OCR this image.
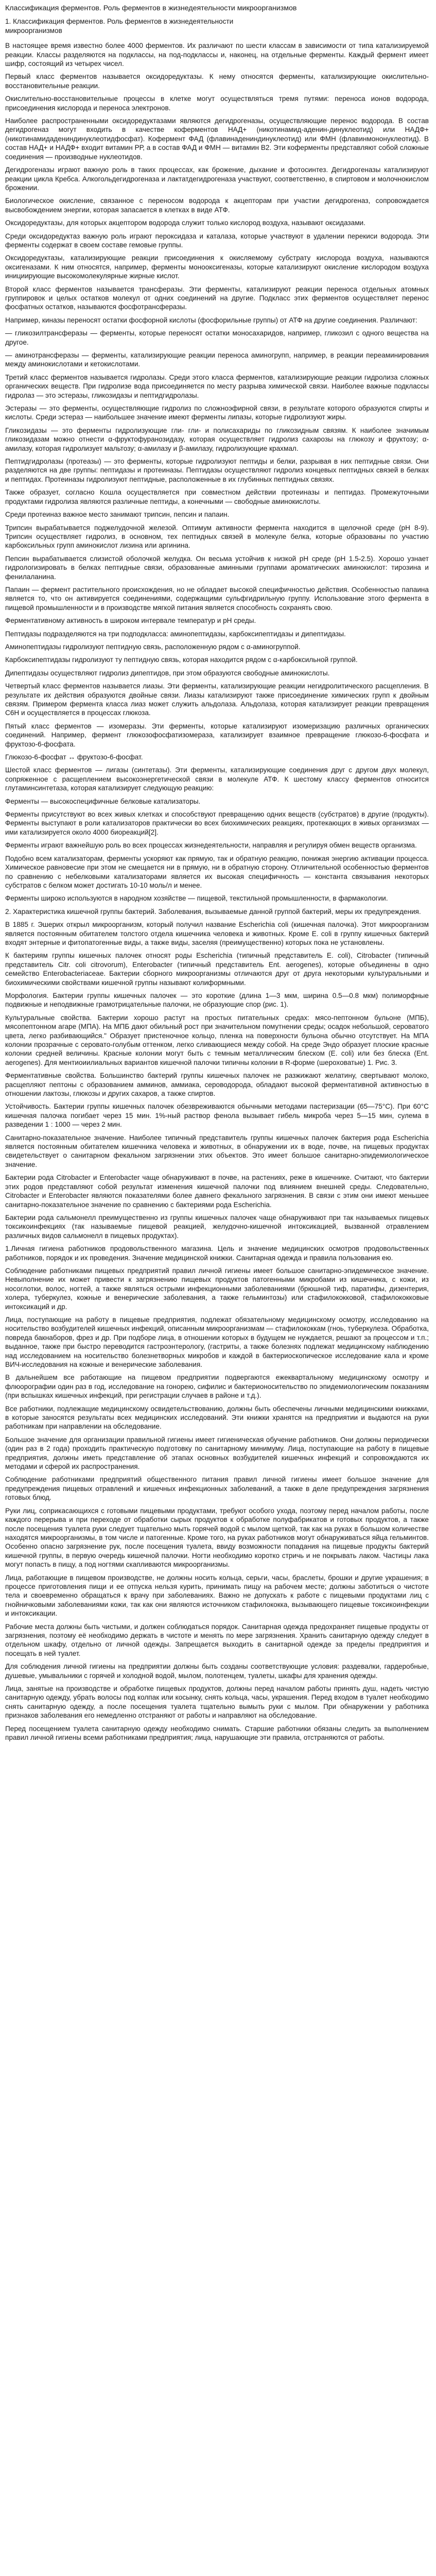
Классификация ферментов. Роль ферментов в жизнедеятельности микроорганизмов

1. Классификация ферментов. Роль ферментов в жизнедеятельности
микроорганизмов

В настоящее время известно более 4000 ферментов. Их различают по шести классам в зависимости от типа катализируемой реакции. Классы разделяются на подклассы, на под-подклассы и, наконец, на отдельные ферменты. Каждый фермент имеет шифр, состоящий из четырех чисел.

Первый класс ферментов называется оксидоредуктазы. К нему относятся ферменты, катализирующие окислительно-восстановительные реакции.

Окислительно-восстановительные процессы в клетке могут осуществляться тремя путями: переноса ионов водорода, присоединения кислорода и переноса электронов.

Наиболее распространенными оксидоредуктазами являются дегидрогеназы, осуществляющие перенос водорода. В состав дегидрогеназ могут входить в качестве коферментов НАД+ (никотинамид-аденин-динуклеотид) или НАДФ+ (никотинамидадениндинуклеотидфосфат). Кофермент ФАД (флавинадениндинуклеотид) или ФМН (флавинмононуклеотид). В состав НАД+ и НАДФ+ входит витамин РР, а в состав ФАД и ФМН — витамин В2. Эти коферменты представляют собой сложные соединения — производные нуклеотидов.

Дегидрогеназы играют важную роль в таких процессах, как брожение, дыхание и фотосинтез. Дегидрогеназы катализируют реакции цикла Кребса. Алкогольдегидрогеназа и лактатдегидрогеназа участвуют, соответственно, в спиртовом и молочнокислом брожении.

Биологическое окисление, связанное с переносом водорода к акцепторам при участии дегидрогеназ, сопровождается высвобождением энергии, которая запасается в клетках в виде АТФ.

Оксидоредуктазы, для которых акцептором водорода служит только кислород воздуха, называют оксидазами.

Среди оксидоредуктаз важную роль играют пероксидаза и каталаза, которые участвуют в удалении перекиси водорода. Эти ферменты содержат в своем составе гемовые группы.

Оксидоредуктазы, катализирующие реакции присоединения к окисляемому субстрату кислорода воздуха, называются оксигеназами. К ним относятся, например, ферменты монооксигеназы, которые катализируют окисление кислородом воздуха инициирующие высокомолекулярные жирные кислот.

Второй класс ферментов называется трансферазы. Эти ферменты, катализируют реакции переноса отдельных атомных группировок и целых остатков молекул от одних соединений на другие. Подкласс этих ферментов осуществляет перенос фосфатных остатков, называются фосфотрансферазы.

Например, киназы переносят остатки фосфорной кислоты (фосфорильные группы) от АТФ на другие соединения. Различают:

— гликозилтрансферазы — ферменты, которые переносят остатки моносахаридов, например, гликозил с одного вещества на другое.

— аминотрансферазы — ферменты, катализирующие реакции переноса аминогрупп, например, в реакции переаминирования между аминокислотами и кетокислотами.

Третий класс ферментов называется гидролазы. Среди этого класса ферментов, катализирующие реакции гидролиза сложных органических веществ. При гидролизе вода присоединяется по месту разрыва химической связи. Наиболее важные подклассы гидролаз — это эстеразы, гликозидазы и пептидгидролазы.

Эстеразы — это ферменты, осуществляющие гидролиз по сложноэфирной связи, в результате которого образуются спирты и кислоты. Среди эстераз — наибольшее значение имеют ферменты липазы, которые гидролизуют жиры.

Гликозидазы — это ферменты гидролизующие гли- гли- и полисахариды по гликозидным связям. К наиболее значимым гликозидазам можно отнести α-фруктофуранозидазу, которая осуществляет гидролиз сахарозы на глюкозу и фруктозу; α-амилазу, которая гидролизует мальтозу; α-амилазу и β-амилазу, гидролизующие крахмал.

Пептидгидролазы (протеазы) — это ферменты, которые гидролизуют пептиды и белки, разрывая в них пептидные связи. Они разделяются на две группы: пептидазы и протеиназы. Пептидазы осуществляют гидролиз концевых пептидных связей в белках и пептидах. Протеиназы гидролизуют пептидные, расположенные в их глубинных пептидных связях.

Также образует, согласно Кошла осуществляется при совместном действии протеиназы и пептидаз. Промежуточными продуктами гидролиза являются различные пептиды, а конечными — свободные аминокислоты.

Среди протеиназ важное место занимают трипсин, пепсин и папаин.

Трипсин вырабатывается поджелудочной железой. Оптимум активности фермента находится в щелочной среде (pH 8-9). Трипсин осуществляет гидролиз, в основном, тех пептидных связей в молекуле белка, которые образованы по участию карбоксильных групп аминокислот лизина или аргинина.

Пепсин вырабатывается слизистой оболочкой желудка. Он весьма устойчив к низкой рН среде (рН 1.5-2.5). Хорошо узнает гидрологизировать в белках пептидные связи, образованные аминными группами ароматических аминокислот: тирозина и фенилаланина.

Папаин — фермент растительного происхождения, но не обладает высокой специфичностью действия. Особенностью папаина является то, что он активируется соединениями, содержащими сульфгидрильную группу. Использование этого фермента в пищевой промышленности и в производстве мягкой питания является способность сохранять свою.

Ферментативному активность в широком интервале температур и рН среды.

Пептидазы подразделяются на три подподкласса: аминопептидазы, карбоксипептидазы и дипептидазы.

Аминопептидазы гидролизуют пептидную связь, расположенную рядом с α-аминогруппой.

Карбоксипептидазы гидролизуют ту пептидную связь, которая находится рядом с α-карбоксильной группой.

Дипептидазы осуществляют гидролиз дипептидов, при этом образуются свободные аминокислоты.

Четвертый класс ферментов называется лиазы. Эти ферменты, катализирующие реакции негидролитического расщепления. В результате их действия образуются двойные связи. Лиазы катализируют также присоединение химических групп к двойным связям. Примером фермента класса лиаз может служить альдолаза. Альдолаза, которая катализирует реакции превращения С6Н и осуществляется в процессах глюкоза.

Пятый класс ферментов — изомеразы. Эти ферменты, которые катализируют изомеризацию различных органических соединений. Например, фермент глюкозофосфатизомераза, катализирует взаимное превращение глюкозо-6-фосфата и фруктозо-6-фосфата.

Глюкозо-6-фосфат ↔ фруктозо-6-фосфат.

Шестой класс ферментов — лигазы (синтетазы). Эти ферменты, катализирующие соединения друг с другом двух молекул, сопряженное с расщеплением высокоэнергетической связи в молекуле АТФ. К шестому классу ферментов относится глутаминсинтетаза, которая катализирует следующую реакцию:

Ферменты — высокоспецифичные белковые катализаторы.

Ферменты присутствуют во всех живых клетках и способствуют превращению одних веществ (субстратов) в другие (продукты). Ферменты выступают в роли катализаторов практически во всех биохимических реакциях, протекающих в живых организмах — ими катализируется около 4000 биореакций[2].

Ферменты играют важнейшую роль во всех процессах жизнедеятельности, направляя и регулируя обмен веществ организма.

Подобно всем катализаторам, ферменты ускоряют как прямую, так и обратную реакцию, понижая энергию активации процесса. Химическое равновесие при этом не смещается ни в прямую, ни в обратную сторону. Отличительной особенностью ферментов по сравнению с небелковыми катализаторами является их высокая специфичность — константа связывания некоторых субстратов с белком может достигать 10-10 моль/л и менее.

Ферменты широко используются в народном хозяйстве — пищевой, текстильной промышленности, в фармакологии.

2. Характеристика кишечной группы бактерий. Заболевания, вызываемые данной группой бактерий, меры их предупреждения.

В 1885 г. Эшерих открыл микроорганизм, который получил название Escherichia coli (кишечная палочка). Этот микроорганизм является постоянным обитателем толстого отдела кишечника человека и животных. Кроме E. coli в группу кишечных бактерий входят энтерные и фитопатогенные виды, а также виды, заселяя (преимущественно) которых пока не установлены.

К бактериям группы кишечных палочек относят роды Escherichia (типичный представитель E. coli), Citrobacter (типичный представитель Citr. coli citrovorum), Enterobacter (типичный представитель Ent. aerogenes), которые объединены в одно семейство Enterobacteriaceae. Бактерии сборного микроорганизмы отличаются друг от друга некоторыми культуральными и биохимическими свойствами кишечной группы называют колиформными.

Морфология. Бактерии группы кишечных палочек — это короткие (длина 1—3 мкм, ширина 0.5—0.8 мкм) полиморфные подвижные и неподвижные грамотрицательные палочки, не образующие спор (рис. 1).

Культуральные свойства. Бактерии хорошо растут на простых питательных средах: мясо-пептонном бульоне (МПБ), мясопептонном агаре (МПА). На МПБ дают обильный рост при значительном помутнении среды; осадок небольшой, сероватого цвета, легко разбивающийся." Образует пристеночное кольцо, пленка на поверхности бульона обычно отсутствует. На МПА колонии прозрачные с серовато-голубым оттенком, легко сливающиеся между собой. На среде Эндо образует плоские красные колонии средней величины. Красные колонии могут быть с темным металлическим блеском (E. coli) или без блеска (Ent. aerogenes). Для ментиоиилиальных вариантов кишечной палочки типичны колонии в R-форме (шероховатые) 1. Рис. 3.

Ферментативные свойства. Большинство бактерий группы кишечных палочек не разжижают желатину, свертывают молоко, расщепляют пептоны с образованием амминов, аммиака, сероводорода, обладают высокой ферментативной активностью в отношении лактозы, глюкозы и других сахаров, а также спиртов.

Устойчивость. Бактерии группы кишечных палочек обезвреживаются обычными методами пастеризации (65—75°С). При 60°С кишечная палочка погибает через 15 мин. 1%-ный раствор фенола вызывает гибель микроба через 5—15 мин, сулема в разведении 1 : 1000 — через 2 мин.

Санитарно-показательное значение. Наиболее типичный представитель группы кишечных палочек бактерия рода Escherichia является постоянным обитателем кишечника человека и животных, в обнаружении их в воде, почве, на пищевых продуктах свидетельствует о санитарном фекальном загрязнении этих объектов. Это имеет большое санитарно-эпидемиологическое значение.

Бактерии рода Citrobacter и Enterobacter чаще обнаруживают в почве, на растениях, реже в кишечнике. Считают, что бактерии этих родов представляют собой результат изменения кишечной палочки под влиянием внешней среды. Следовательно, Citrobacter и Enterobacter являются показателями более давнего фекального загрязнения. В связи с этим они имеют меньшее санитарно-показательное значение по сравнению с бактериями рода Escherichia.

Бактерии рода сальмонелл преимущественно из группы кишечных палочек чаще обнаруживают при так называемых пищевых токсикоинфекциях (так называемые пищевой реакцией, желудочно-кишечной интоксикацией, вызванной отравлением различных видов сальмонелл в пищевых продуктах).

1.Личная гигиена работников продовольственного магазина. Цель и значение медицинских осмотров продовольственных работников, порядок и их проведения. Значение медицинской книжки. Санитарная одежда и правила пользования ею.

Соблюдение работниками пищевых предприятий правил личной гигиены имеет большое санитарно-эпидемическое значение. Невыполнение их может привести к загрязнению пищевых продуктов патогенными микробами из кишечника, с кожи, из носоглотки, волос, ногтей, а также являться острыми инфекционными заболеваниями (брюшной тиф, паратифы, дизентерия, холера, туберкулез, кожные и венерические заболевания, а также гельминтозы) или стафилококковой, стафилококковые интоксикаций и др.

Лица, поступающие на работу в пищевые предприятия, подлежат обязательному медицинскому осмотру, исследованию на носительство возбудителей кишечных инфекций, описанным микроорганизмам — стафилококкам (гноь, туберкулеза. Обработка, повреда бакнаборов, фрез и др. При подборе лица, в отношении которых в будущем не нуждается, решают за процессом и т.п.; выданное, также при быстро переводится гастроэнтерологу, (гастриты, а также болезнях подлежат медицинскому наблюдению над исследованием на носительство болезнетворных микробов и каждой в бактериоскопическое исследование кала и кроме ВИЧ-исследования на кожные и венерические заболевания.

В дальнейшем все работающие на пищевом предприятии подвергаются ежеквартальному медицинскому осмотру и флюорографии один раз в год, исследование на гонорею, сифилис и бактерионосительство по эпидемиологическим показаниям (при вспышках кишечных инфекций, при регистрации случаев в районе и т.д.).

Все работники, подлежащие медицинскому освидетельствованию, должны быть обеспечены личными медицинскими книжками, в которые заносятся результаты всех медицинских исследований. Эти книжки хранятся на предприятии и выдаются на руки работникам при направлении на обследование.

Большое значение для организации правильной гигиены имеет гигиеническая обучение работников. Они должны периодически (один раз в 2 года) проходить практическую подготовку по санитарному минимуму. Лица, поступающие на работу в пищевые предприятия, должны иметь представление об этапах основных возбудителей кишечных инфекций и сопровождаются их методами и сферой их распространения.

Соблюдение работниками предприятий общественного питания правил личной гигиены имеет большое значение для предупреждения пищевых отравлений и кишечных инфекционных заболеваний, а также в деле предупреждения загрязнения готовых блюд.

Руки лиц, соприкасающихся с готовыми пищевыми продуктами, требуют особого ухода, поэтому перед началом работы, после каждого перерыва и при переходе от обработки сырых продуктов к обработке полуфабрикатов и готовых продуктов, а также после посещения туалета руки следует тщательно мыть горячей водой с мылом щеткой, так как на руках в большом количестве находятся микроорганизмы, в том числе и патогенные. Кроме того, на руках работников могут обнаруживаться яйца гельминтов. Особенно опасно загрязнение рук, после посещения туалета, ввиду возможности попадания на пищевые продукты бактерий кишечной группы, в первую очередь кишечной палочки. Ногти необходимо коротко стричь и не покрывать лаком. Частицы лака могут попасть в пищу, а под ногтями скапливаются микроорганизмы.

Лица, работающие в пищевом производстве, не должны носить кольца, серьги, часы, браслеты, брошки и другие украшения; в процессе приготовления пищи и ее отпуска нельзя курить, принимать пищу на рабочем месте; должны заботиться о чистоте тела и своевременно обращаться к врачу при заболеваниях. Важно не допускать к работе с пищевыми продуктами лиц с гнойничковыми заболеваниями кожи, так как они являются источником стафилококка, вызывающего пищевые токсикоинфекции и интоксикации.

Рабочие места должны быть чистыми, и должен соблюдаться порядок. Санитарная одежда предохраняет пищевые продукты от загрязнения, поэтому её необходимо держать в чистоте и менять по мере загрязнения. Хранить санитарную одежду следует в отдельном шкафу, отдельно от личной одежды. Запрещается выходить в санитарной одежде за пределы предприятия и посещать в ней туалет.

Для соблюдения личной гигиены на предприятии должны быть созданы соответствующие условия: раздевалки, гардеробные, душевые, умывальники с горячей и холодной водой, мылом, полотенцем, туалеты, шкафы для хранения одежды.

Лица, занятые на производстве и обработке пищевых продуктов, должны перед началом работы принять душ, надеть чистую санитарную одежду, убрать волосы под колпак или косынку, снять кольца, часы, украшения. Перед входом в туалет необходимо снять санитарную одежду, а после посещения туалета тщательно вымыть руки с мылом. При обнаружении у работника признаков заболевания его немедленно отстраняют от работы и направляют на обследование.

Перед посещением туалета санитарную одежду необходимо снимать. Старшие работники обязаны следить за выполнением правил личной гигиены всеми работниками предприятия; лица, нарушающие эти правила, отстраняются от работы.
